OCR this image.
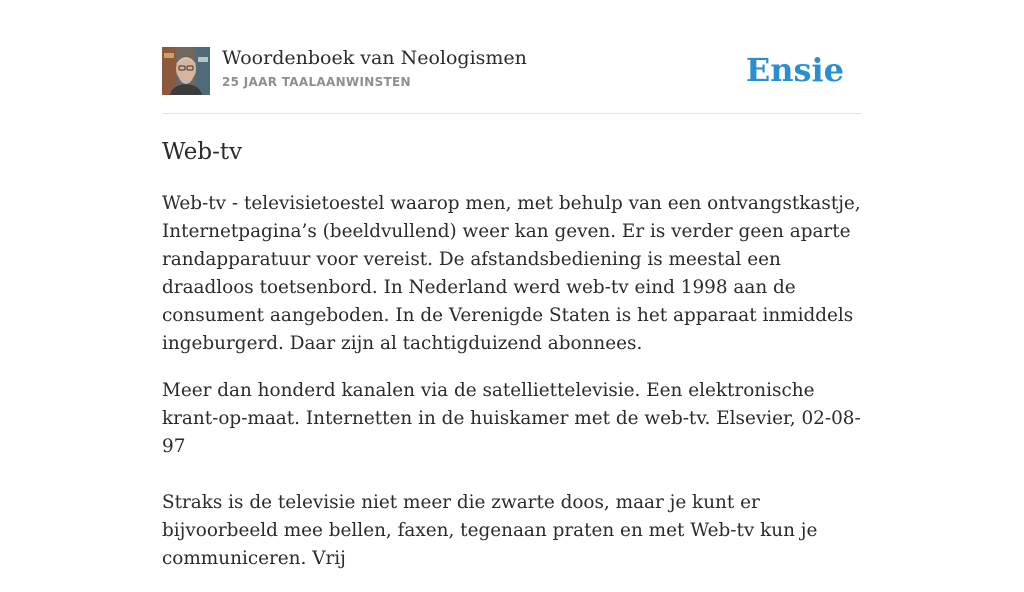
Woordenboek van Neologismen
25 JAAR TAALAANWINSTEN	Ensie
Web-tv

Web-tv - televisietoestel waarop men, met behulp van een ontvangstkastje, Internetpagina’s (beeldvullend) weer kan geven. Er is verder geen aparte randapparatuur voor vereist. De afstandsbediening is meestal een draadloos toetsenbord. In Nederland werd web-tv eind 1998 aan de consument aangeboden. In de Verenigde Staten is het apparaat inmiddels ingeburgerd. Daar zijn al tachtigduizend abonnees.

Meer dan honderd kanalen via de satelliettelevisie. Een elektronische krant-op-maat. Internetten in de huiskamer met de web-tv. Elsevier, 02-08-97

Straks is de televisie niet meer die zwarte doos, maar je kunt er bijvoorbeeld mee bellen, faxen, tegenaan praten en met Web-tv kun je communiceren. Vrij
